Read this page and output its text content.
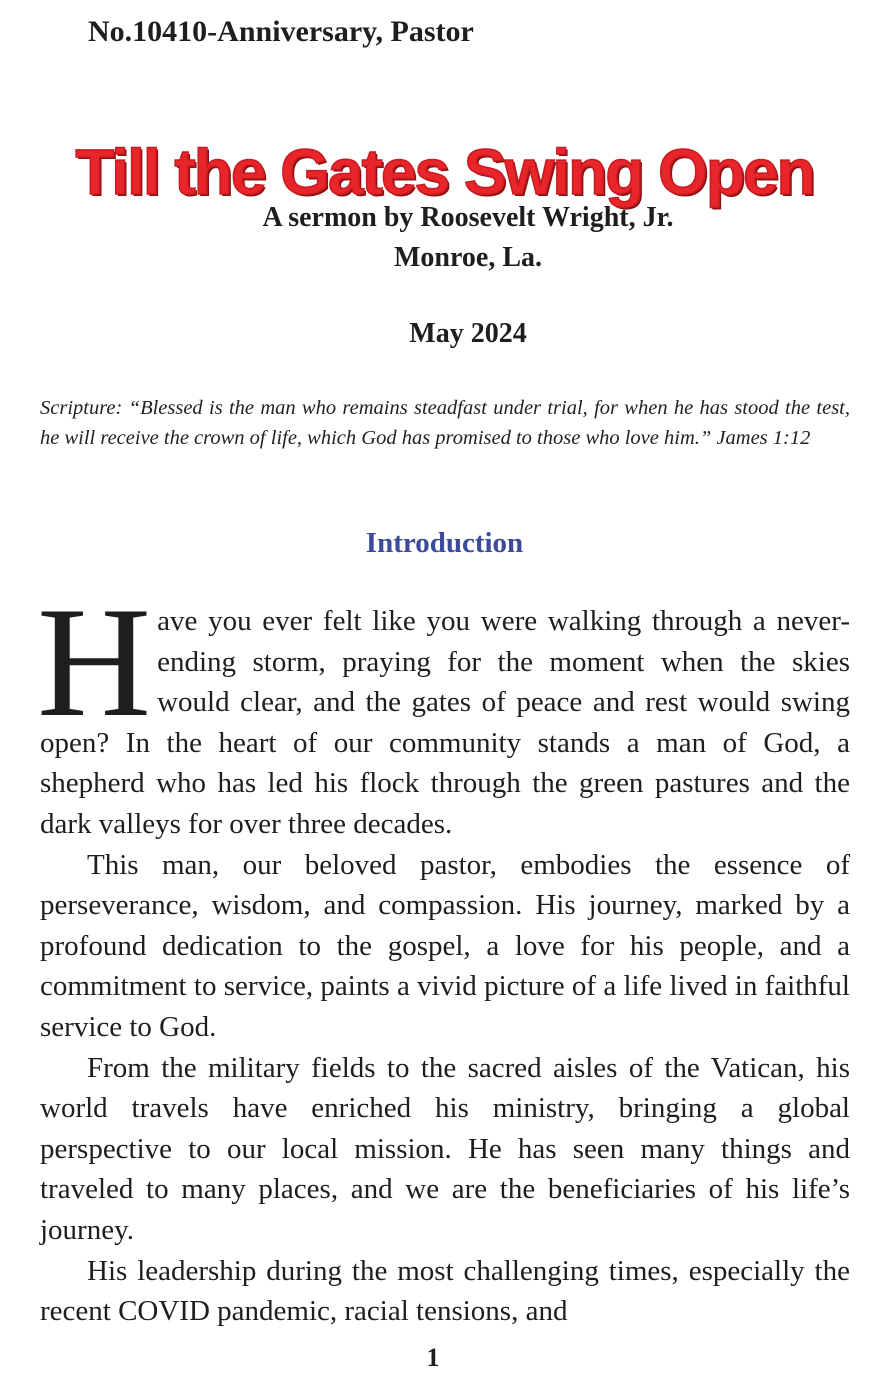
No.10410-Anniversary, Pastor
Till the Gates Swing Open
A sermon by Roosevelt Wright, Jr.
Monroe, La.
May 2024
Scripture: “Blessed is the man who remains steadfast under trial, for when he has stood the test, he will receive the crown of life, which God has promised to those who love him.” James 1:12
Introduction

Have you ever felt like you were walking through a never-ending storm, praying for the moment when the skies would clear, and the gates of peace and rest would swing open? In the heart of our community stands a man of God, a shepherd who has led his flock through the green pastures and the dark valleys for over three decades.

This man, our beloved pastor, embodies the essence of perseverance, wisdom, and compassion. His journey, marked by a profound dedication to the gospel, a love for his people, and a commitment to service, paints a vivid picture of a life lived in faithful service to God.

From the military fields to the sacred aisles of the Vatican, his world travels have enriched his ministry, bringing a global perspective to our local mission. He has seen many things and traveled to many places, and we are the beneficiaries of his life’s journey.

His leadership during the most challenging times, especially the recent COVID pandemic, racial tensions, and

1
